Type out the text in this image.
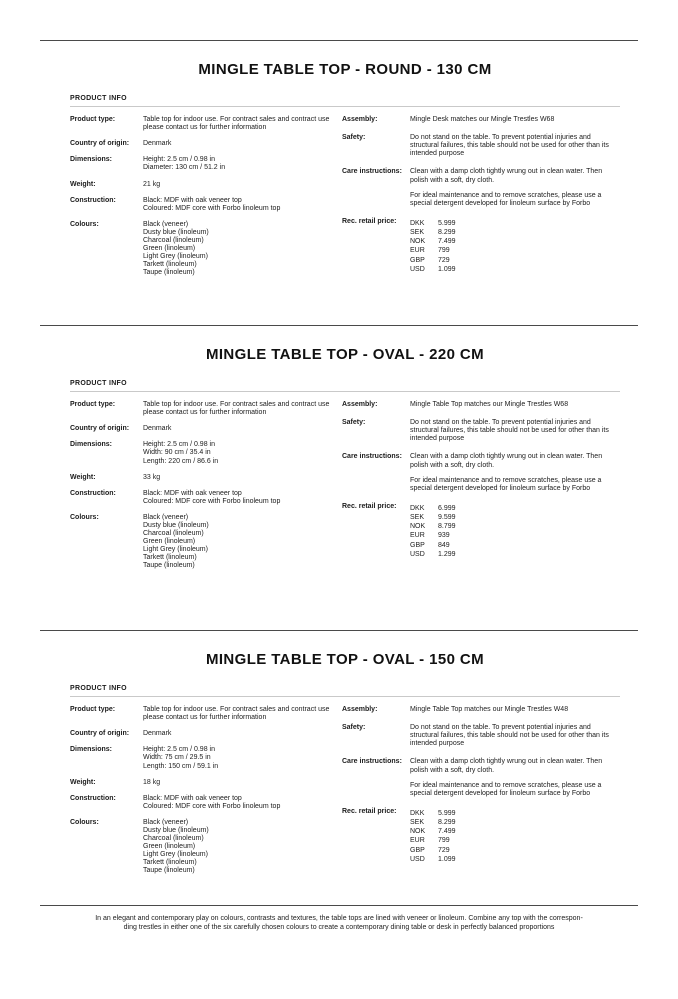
MINGLE TABLE TOP - ROUND - 130 CM
PRODUCT INFO
Product type:	Table top for indoor use. For contract sales and contract use please contact us for further information
Country of origin:	Denmark
Dimensions:	Height: 2.5 cm / 0.98 in
Diameter: 130 cm / 51.2 in
Weight:	21 kg
Construction:	Black: MDF with oak veneer top
Coloured: MDF core with Forbo linoleum top
Colours:	Black (veneer)
Dusty blue (linoleum)
Charcoal (linoleum)
Green (linoleum)
Light Grey (linoleum)
Tarkett (linoleum)
Taupe (linoleum)
Assembly:	Mingle Desk matches our Mingle Trestles W68
Safety:	Do not stand on the table. To prevent potential injuries and structural failures, this table should not be used for other than its intended purpose
Care instructions:	Clean with a damp cloth tightly wrung out in clean water. Then polish with a soft, dry cloth.
For ideal maintenance and to remove scratches, please use a special detergent developed for linoleum surface by Forbo
Rec. retail price:	DKK	5.999
SEK	8.299
NOK	7.499
EUR	799
GBP	729
USD	1.099
MINGLE TABLE TOP - OVAL - 220 CM
PRODUCT INFO
Product type:	Table top for indoor use. For contract sales and contract use please contact us for further information
Country of origin:	Denmark
Dimensions:	Height: 2.5 cm / 0.98 in
Width: 90 cm / 35.4 in
Length: 220 cm / 86.6 in
Weight:	33 kg
Construction:	Black: MDF with oak veneer top
Coloured: MDF core with Forbo linoleum top
Colours:	Black (veneer)
Dusty blue (linoleum)
Charcoal (linoleum)
Green (linoleum)
Light Grey (linoleum)
Tarkett (linoleum)
Taupe (linoleum)
Assembly:	Mingle Table Top matches our Mingle Trestles W68
Safety:	Do not stand on the table. To prevent potential injuries and structural failures, this table should not be used for other than its intended purpose
Care instructions:	Clean with a damp cloth tightly wrung out in clean water. Then polish with a soft, dry cloth.
For ideal maintenance and to remove scratches, please use a special detergent developed for linoleum surface by Forbo
Rec. retail price:	DKK	6.999
SEK	9.599
NOK	8.799
EUR	939
GBP	849
USD	1.299
MINGLE TABLE TOP - OVAL - 150 CM
PRODUCT INFO
Product type:	Table top for indoor use. For contract sales and contract use please contact us for further information
Country of origin:	Denmark
Dimensions:	Height: 2.5 cm / 0.98 in
Width: 75 cm / 29.5 in
Length: 150 cm / 59.1 in
Weight:	18 kg
Construction:	Black: MDF with oak veneer top
Coloured: MDF core with Forbo linoleum top
Colours:	Black (veneer)
Dusty blue (linoleum)
Charcoal (linoleum)
Green (linoleum)
Light Grey (linoleum)
Tarkett (linoleum)
Taupe (linoleum)
Assembly:	Mingle Table Top matches our Mingle Trestles W48
Safety:	Do not stand on the table. To prevent potential injuries and structural failures, this table should not be used for other than its intended purpose
Care instructions:	Clean with a damp cloth tightly wrung out in clean water. Then polish with a soft, dry cloth.
For ideal maintenance and to remove scratches, please use a special detergent developed for linoleum surface by Forbo
Rec. retail price:	DKK	5.999
SEK	8.299
NOK	7.499
EUR	799
GBP	729
USD	1.099
In an elegant and contemporary play on colours, contrasts and textures, the table tops are lined with veneer or linoleum. Combine any top with the correspon-
ding trestles in either one of the six carefully chosen colours to create a contemporary dining table or desk in perfectly balanced proportions
